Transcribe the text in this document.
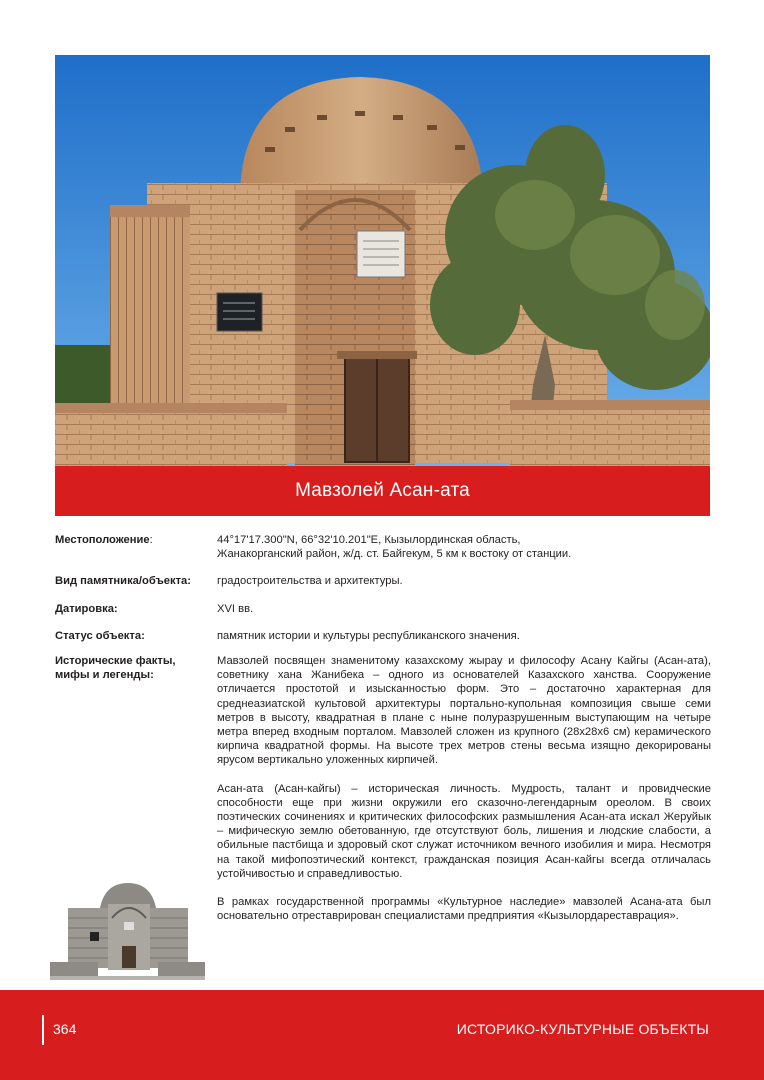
Мавзолей Асан-ата
Местоположение:	44°17'17.300"N, 66°32'10.201"E, Кызылординская область,
Жанакорганский район, ж/д. ст. Байгекум, 5 км к востоку от станции.
Вид памятника/объекта:	градостроительства и архитектуры.
Датировка:	XVI вв.
Статус объекта:	памятник истории и культуры республиканского значения.
Исторические факты,
мифы и легенды:

Мавзолей посвящен знаменитому казахскому жырау и философу Асану Кайгы (Асан-ата), советнику хана Жанибека – одного из основателей Казахского ханства. Сооружение отличается простотой и изысканностью форм. Это – достаточно характерная для среднеазиатской культовой архитектуры портально-купольная композиция свыше семи метров в высоту, квадратная в плане с ныне полуразрушенным выступающим на четыре метра вперед входным порталом. Мавзолей сложен из крупного (28х28х6 см) керамического кирпича квадратной формы. На высоте трех метров стены весьма изящно декорированы ярусом вертикально уложенных кирпичей.

Асан-ата (Асан-кайгы) – историческая личность. Мудрость, талант и провидческие способности еще при жизни окружили его сказочно-легендарным ореолом. В своих поэтических сочинениях и критических философских размышления Асан-ата искал Жеруйык – мифическую землю обетованную, где отсутствуют боль, лишения и людские слабости, а обильные пастбища и здоровый скот служат источником вечного изобилия и мира. Несмотря на такой мифопоэтический контекст, гражданская позиция Асан-кайгы всегда отличалась устойчивостью и справедливостью.

В рамках государственной программы «Культурное наследие» мавзолей Асана-ата был основательно отреставрирован специалистами предприятия «Кызылордареставрация».

364	ИСТОРИКО-КУЛЬТУРНЫЕ ОБЪЕКТЫ
